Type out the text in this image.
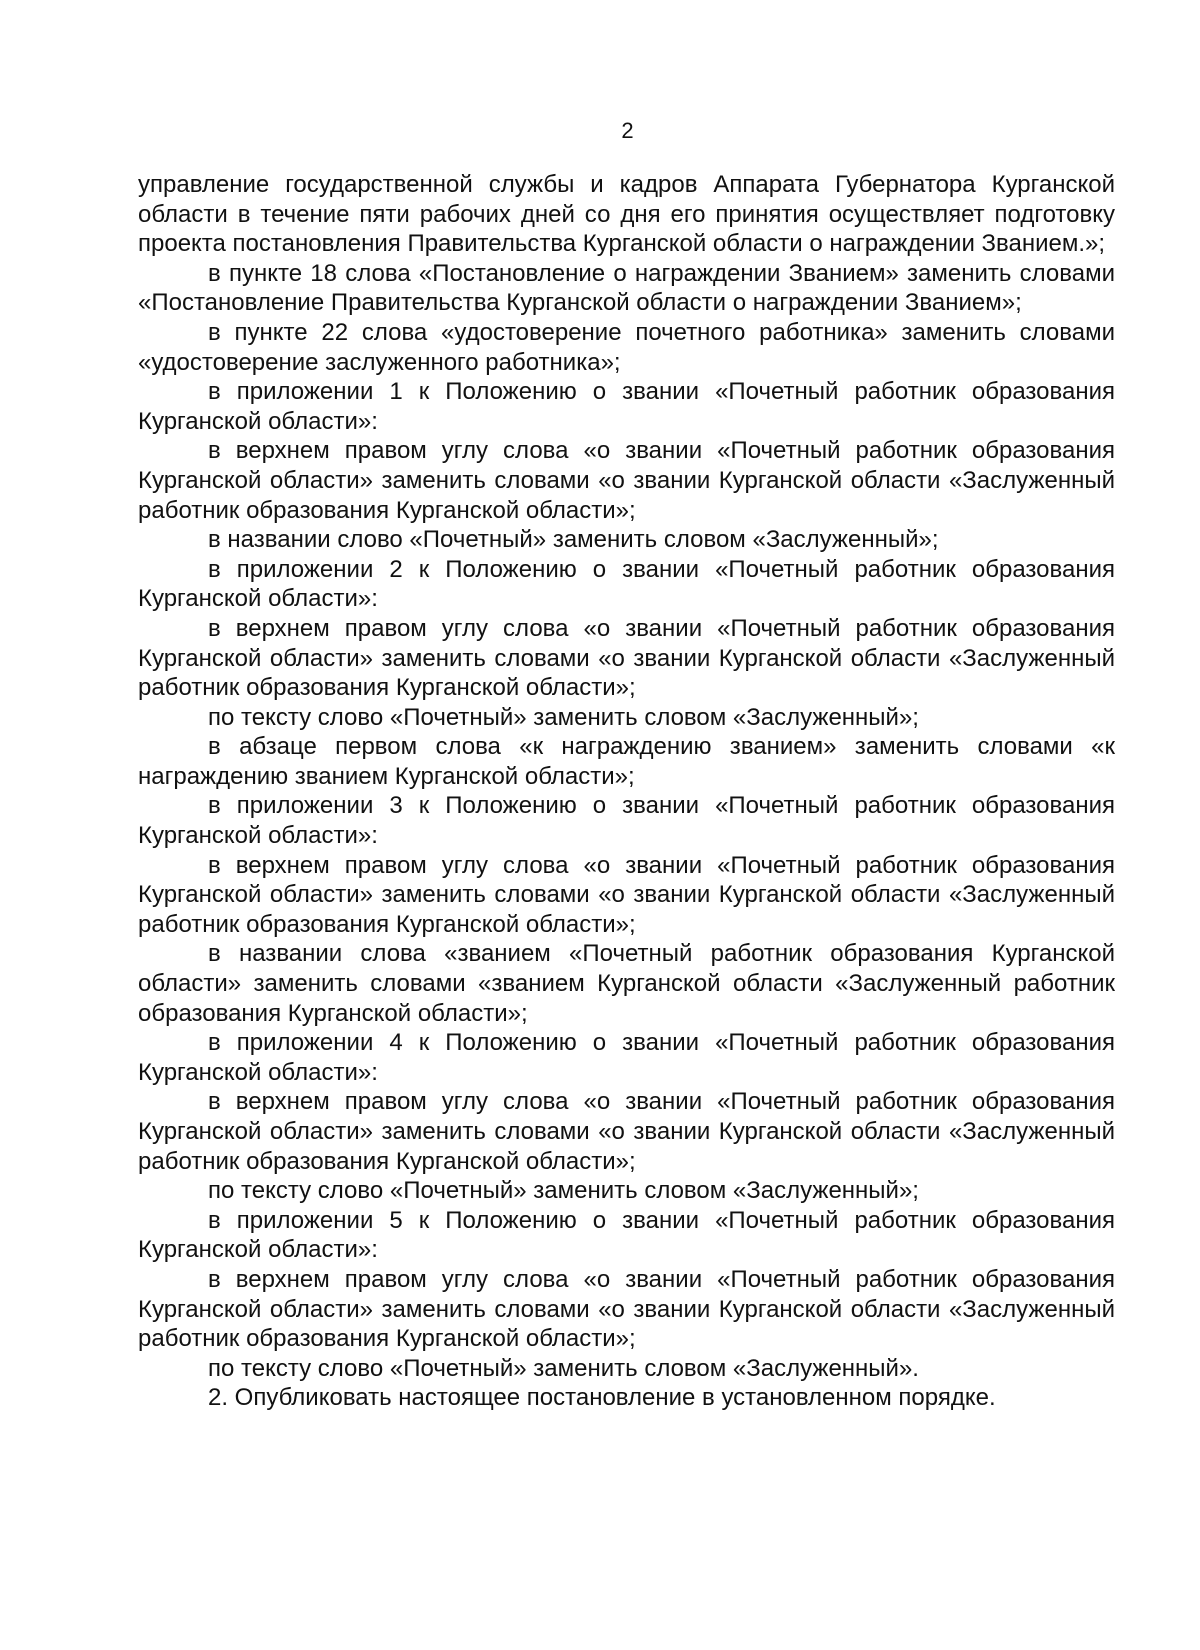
2

управление государственной службы и кадров Аппарата Губернатора Курганской области в течение пяти рабочих дней со дня его принятия осуществляет подготовку проекта постановления Правительства Курганской области о награждении Званием.»;

в пункте 18 слова «Постановление о награждении Званием» заменить словами «Постановление Правительства Курганской области о награждении Званием»;

в пункте 22 слова «удостоверение почетного работника» заменить словами «удостоверение заслуженного работника»;

в приложении 1 к Положению о звании «Почетный работник образования Курганской области»:

в верхнем правом углу слова «о звании «Почетный работник образования Курганской области» заменить словами «о звании Курганской области «Заслуженный работник образования Курганской области»;

в названии слово «Почетный» заменить словом «Заслуженный»;

в приложении 2 к Положению о звании «Почетный работник образования Курганской области»:

в верхнем правом углу слова «о звании «Почетный работник образования Курганской области» заменить словами «о звании Курганской области «Заслуженный работник образования Курганской области»;

по тексту слово «Почетный» заменить словом «Заслуженный»;

в абзаце первом слова «к награждению званием» заменить словами «к награждению званием Курганской области»;

в приложении 3 к Положению о звании «Почетный работник образования Курганской области»:

в верхнем правом углу слова «о звании «Почетный работник образования Курганской области» заменить словами «о звании Курганской области «Заслуженный работник образования Курганской области»;

в названии слова «званием «Почетный работник образования Курганской области» заменить словами «званием Курганской области «Заслуженный работник образования Курганской области»;

в приложении 4 к Положению о звании «Почетный работник образования Курганской области»:

в верхнем правом углу слова «о звании «Почетный работник образования Курганской области» заменить словами «о звании Курганской области «Заслуженный работник образования Курганской области»;

по тексту слово «Почетный» заменить словом «Заслуженный»;

в приложении 5 к Положению о звании «Почетный работник образования Курганской области»:

в верхнем правом углу слова «о звании «Почетный работник образования Курганской области» заменить словами «о звании Курганской области «Заслуженный работник образования Курганской области»;

по тексту слово «Почетный» заменить словом «Заслуженный».

2. Опубликовать настоящее постановление в установленном порядке.
